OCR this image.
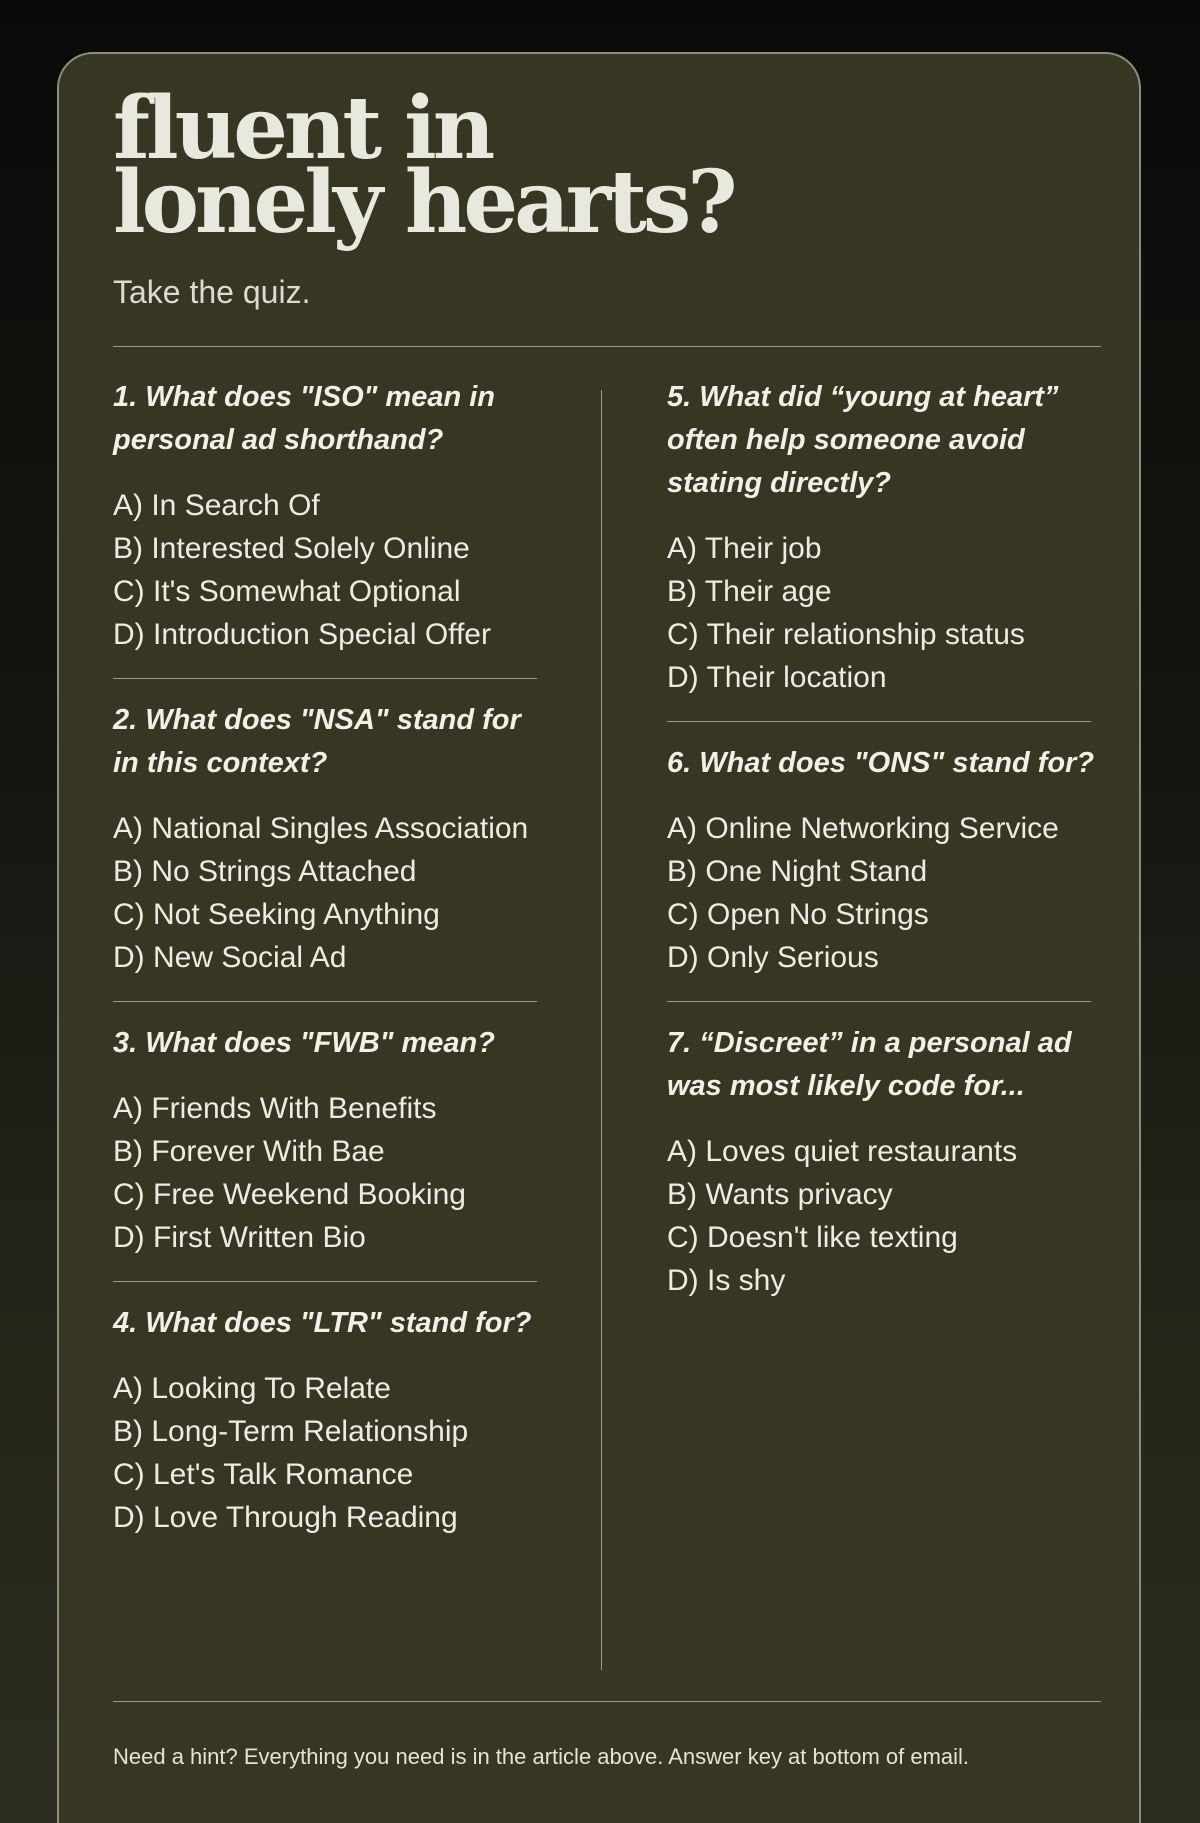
fluent in
lonely hearts?
Take the quiz.

1. What does "ISO" mean in personal ad shorthand?

A) In Search Of
B) Interested Solely Online
C) It's Somewhat Optional
D) Introduction Special Offer

2. What does "NSA" stand for in this context?

A) National Singles Association
B) No Strings Attached
C) Not Seeking Anything
D) New Social Ad

3. What does "FWB" mean?

A) Friends With Benefits
B) Forever With Bae
C) Free Weekend Booking
D) First Written Bio

4. What does "LTR" stand for?

A) Looking To Relate
B) Long-Term Relationship
C) Let's Talk Romance
D) Love Through Reading

5. What did “young at heart” often help someone avoid stating directly?

A) Their job
B) Their age
C) Their relationship status
D) Their location

6. What does "ONS" stand for?

A) Online Networking Service
B) One Night Stand
C) Open No Strings
D) Only Serious

7. “Discreet” in a personal ad was most likely code for...

A) Loves quiet restaurants
B) Wants privacy
C) Doesn't like texting
D) Is shy
Need a hint? Everything you need is in the article above. Answer key at bottom of email.
